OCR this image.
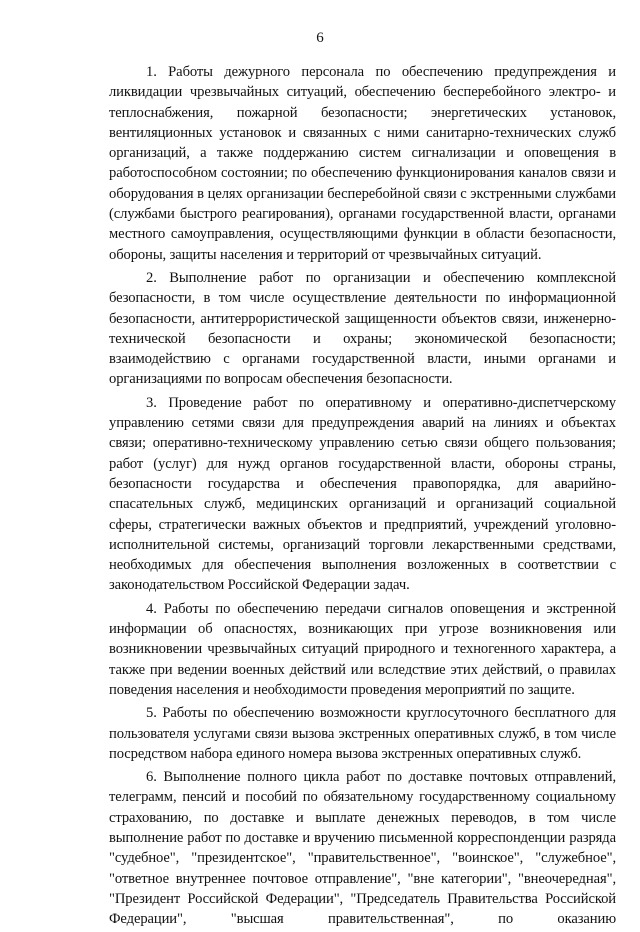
6

1. Работы дежурного персонала по обеспечению предупреждения и ликвидации чрезвычайных ситуаций, обеспечению бесперебойного электро- и теплоснабжения, пожарной безопасности; энергетических установок, вентиляционных установок и связанных с ними санитарно-технических служб организаций, а также поддержанию систем сигнализации и оповещения в работоспособном состоянии; по обеспечению функционирования каналов связи и оборудования в целях организации бесперебойной связи с экстренными службами (службами быстрого реагирования), органами государственной власти, органами местного самоуправления, осуществляющими функции в области безопасности, обороны, защиты населения и территорий от чрезвычайных ситуаций.

2. Выполнение работ по организации и обеспечению комплексной безопасности, в том числе осуществление деятельности по информационной безопасности, антитеррористической защищенности объектов связи, инженерно-технической безопасности и охраны; экономической безопасности; взаимодействию с органами государственной власти, иными органами и организациями по вопросам обеспечения безопасности.

3. Проведение работ по оперативному и оперативно-диспетчерскому управлению сетями связи для предупреждения аварий на линиях и объектах связи; оперативно-техническому управлению сетью связи общего пользования; работ (услуг) для нужд органов государственной власти, обороны страны, безопасности государства и обеспечения правопорядка, для аварийно-спасательных служб, медицинских организаций и организаций социальной сферы, стратегически важных объектов и предприятий, учреждений уголовно-исполнительной системы, организаций торговли лекарственными средствами, необходимых для обеспечения выполнения возложенных в соответствии с законодательством Российской Федерации задач.

4. Работы по обеспечению передачи сигналов оповещения и экстренной информации об опасностях, возникающих при угрозе возникновения или возникновении чрезвычайных ситуаций природного и техногенного характера, а также при ведении военных действий или вследствие этих действий, о правилах поведения населения и необходимости проведения мероприятий по защите.

5. Работы по обеспечению возможности круглосуточного бесплатного для пользователя услугами связи вызова экстренных оперативных служб, в том числе посредством набора единого номера вызова экстренных оперативных служб.

6. Выполнение полного цикла работ по доставке почтовых отправлений, телеграмм, пенсий и пособий по обязательному государственному социальному страхованию, по доставке и выплате денежных переводов, в том числе выполнение работ по доставке и вручению письменной корреспонденции разряда "судебное", "президентское", "правительственное", "воинское", "служебное", "ответное внутреннее почтовое отправление", "вне категории", "внеочередная", "Президент Российской Федерации", "Председатель Правительства Российской Федерации", "высшая правительственная", по оказанию
